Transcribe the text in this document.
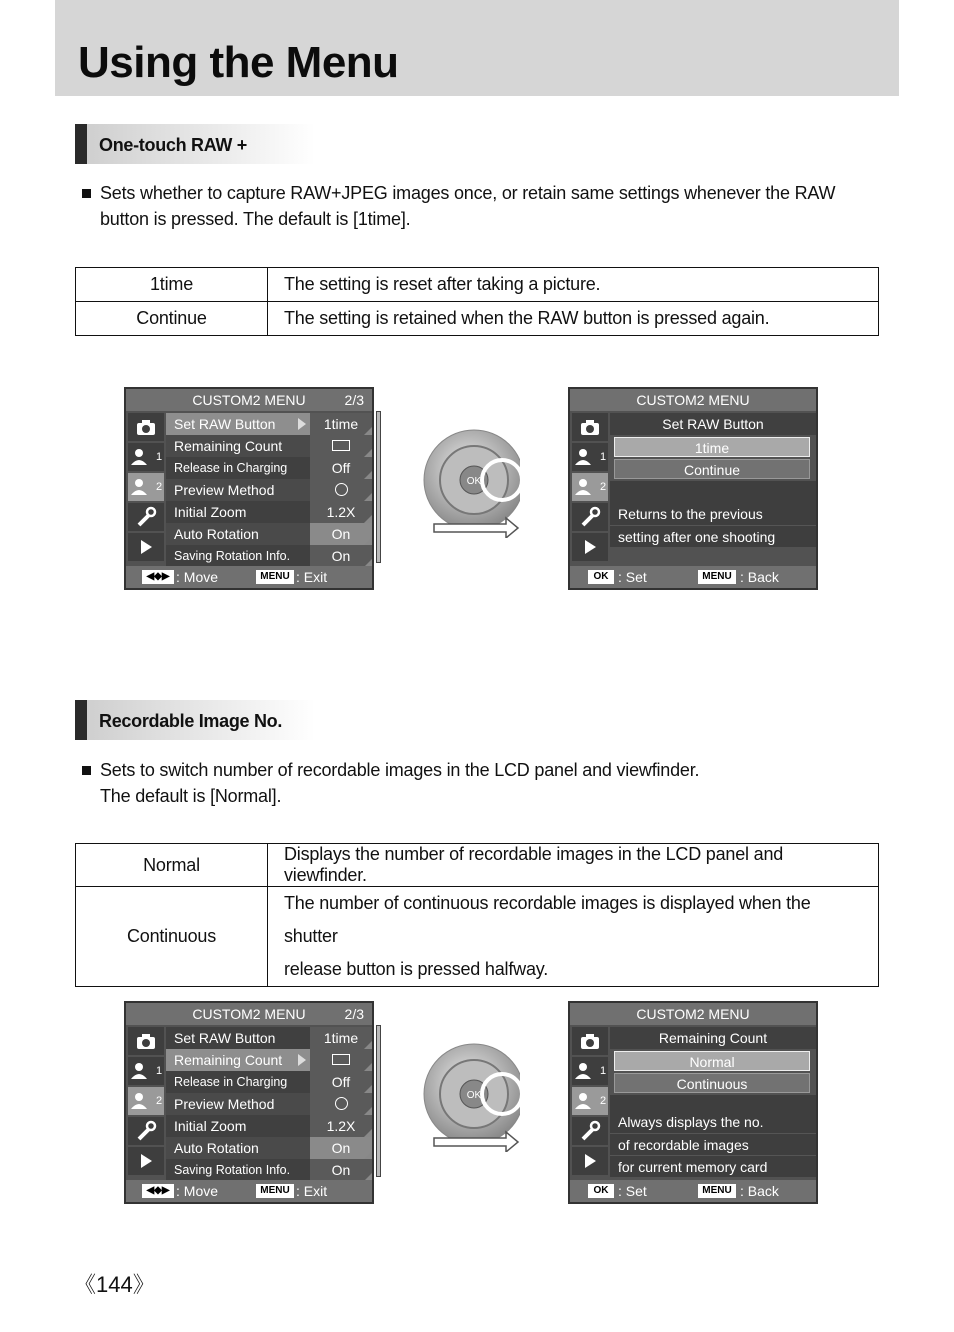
Using the Menu
One-touch RAW +
Sets whether to capture RAW+JPEG images once, or retain same settings whenever the RAW
button is pressed. The default is [1time].
1time	The setting is reset after taking a picture.
Continue	The setting is retained when the RAW button is pressed again.
CUSTOM2 MENU	2/3
1
2
Set RAW Button	1time
Remaining Count
Release in Charging	Off
Preview Method
Initial Zoom	1.2X
Auto Rotation	On
Saving Rotation Info.	On
◀◆▶ : Move	MENU : Exit
OK
CUSTOM2 MENU
1
2
Set RAW Button
1time
Continue
Returns to the previous
setting after one shooting
OK : Set	MENU : Back
Recordable Image No.
Sets to switch number of recordable images in the LCD panel and viewfinder.
The default is [Normal].
Normal	Displays the number of recordable images in the LCD panel and viewfinder.
Continuous	The number of continuous recordable images is displayed when the shutter
release button is pressed halfway.
CUSTOM2 MENU	2/3
1
2
Set RAW Button	1time
Remaining Count
Release in Charging	Off
Preview Method
Initial Zoom	1.2X
Auto Rotation	On
Saving Rotation Info.	On
◀◆▶ : Move	MENU : Exit
OK
CUSTOM2 MENU
1
2
Remaining Count
Normal
Continuous
Always displays the no.
of recordable images
for current memory card
OK : Set	MENU : Back
《144》
